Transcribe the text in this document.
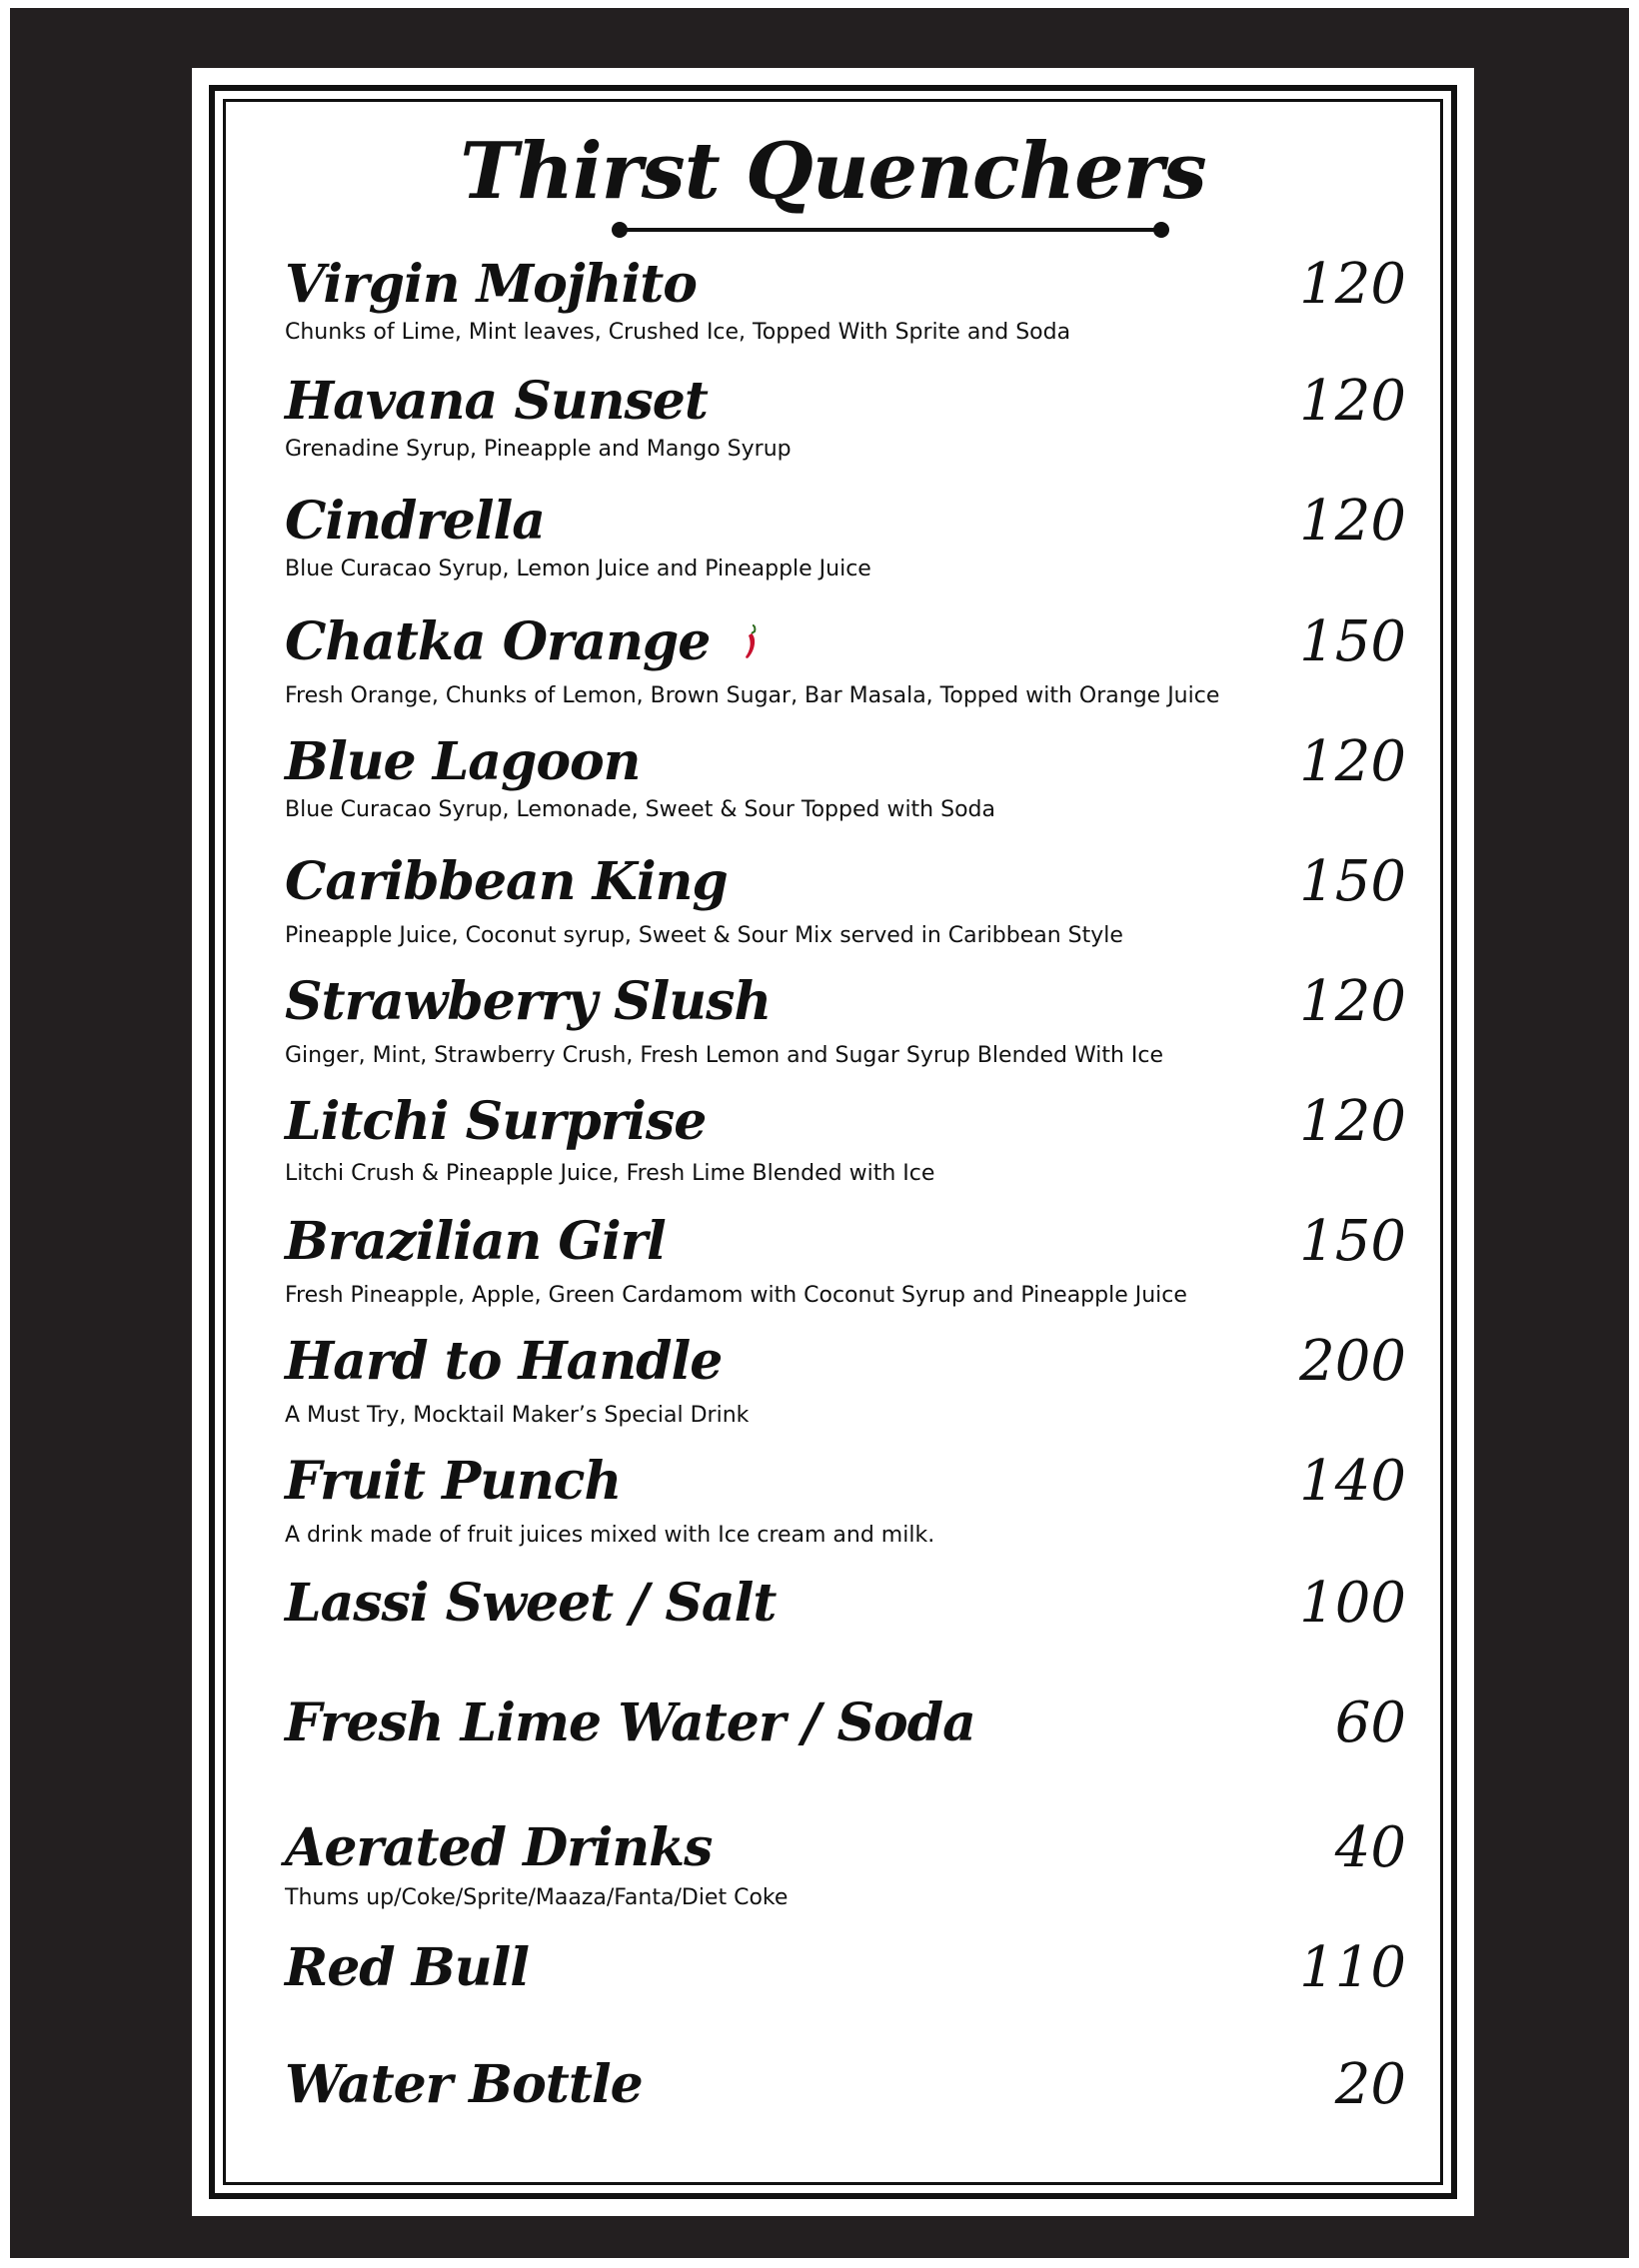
Thirst Quenchers
Virgin Mojhito	120
Chunks of Lime, Mint leaves, Crushed Ice, Topped With Sprite and Soda
Havana Sunset	120
Grenadine Syrup, Pineapple and Mango Syrup
Cindrella	120
Blue Curacao Syrup, Lemon Juice and Pineapple Juice
Chatka Orange	150
Fresh Orange, Chunks of Lemon, Brown Sugar, Bar Masala, Topped with Orange Juice
Blue Lagoon	120
Blue Curacao Syrup, Lemonade, Sweet & Sour Topped with Soda
Caribbean King	150
Pineapple Juice, Coconut syrup, Sweet & Sour Mix served in Caribbean Style
Strawberry Slush	120
Ginger, Mint, Strawberry Crush, Fresh Lemon and Sugar Syrup Blended With Ice
Litchi Surprise	120
Litchi Crush & Pineapple Juice, Fresh Lime Blended with Ice
Brazilian Girl	150
Fresh Pineapple, Apple, Green Cardamom with Coconut Syrup and Pineapple Juice
Hard to Handle	200
A Must Try, Mocktail Maker’s Special Drink
Fruit Punch	140
A drink made of fruit juices mixed with Ice cream and milk.
Lassi Sweet / Salt	100
Fresh Lime Water / Soda	60
Aerated Drinks	40
Thums up/Coke/Sprite/Maaza/Fanta/Diet Coke
Red Bull	110
Water Bottle	20
